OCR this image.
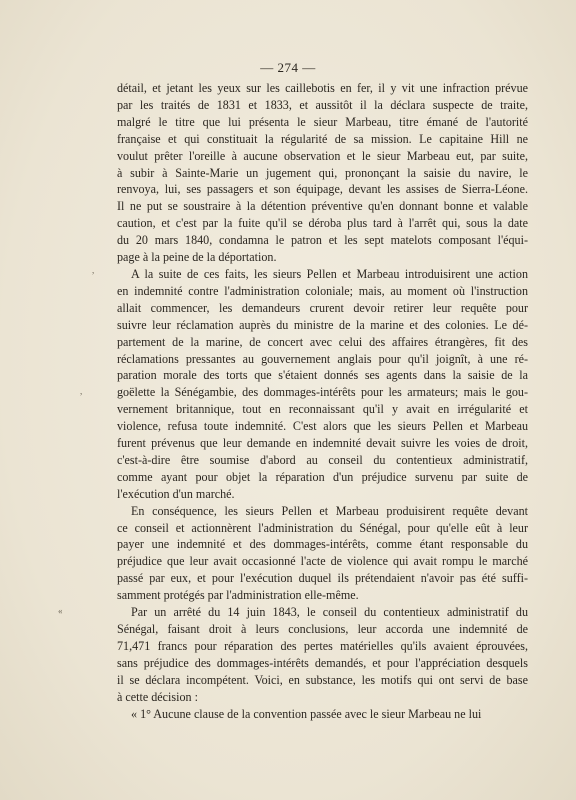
— 274 —
,
,
«

détail, et jetant les yeux sur les caillebotis en fer, il y vit une infraction prévue
par les traités de 1831 et 1833, et aussitôt il la déclara suspecte de traite,
malgré le titre que lui présenta le sieur Marbeau, titre émané de l'autorité
française et qui constituait la régularité de sa mission. Le capitaine Hill ne
voulut prêter l'oreille à aucune observation et le sieur Marbeau eut, par suite,
à subir à Sainte-Marie un jugement qui, prononçant la saisie du navire, le
renvoya, lui, ses passagers et son équipage, devant les assises de Sierra-Léone.
Il ne put se soustraire à la détention préventive qu'en donnant bonne et valable
caution, et c'est par la fuite qu'il se déroba plus tard à l'arrêt qui, sous la date
du 20 mars 1840, condamna le patron et les sept matelots composant l'équi-
page à la peine de la déportation.

A la suite de ces faits, les sieurs Pellen et Marbeau introduisirent une action
en indemnité contre l'administration coloniale; mais, au moment où l'instruction
allait commencer, les demandeurs crurent devoir retirer leur requête pour
suivre leur réclamation auprès du ministre de la marine et des colonies. Le dé-
partement de la marine, de concert avec celui des affaires étrangères, fit des
réclamations pressantes au gouvernement anglais pour qu'il joignît, à une ré-
paration morale des torts que s'étaient donnés ses agents dans la saisie de la
goëlette la Sénégambie, des dommages-intérêts pour les armateurs; mais le gou-
vernement britannique, tout en reconnaissant qu'il y avait en irrégularité et
violence, refusa toute indemnité. C'est alors que les sieurs Pellen et Marbeau
furent prévenus que leur demande en indemnité devait suivre les voies de droit,
c'est-à-dire être soumise d'abord au conseil du contentieux administratif,
comme ayant pour objet la réparation d'un préjudice survenu par suite de
l'exécution d'un marché.

En conséquence, les sieurs Pellen et Marbeau produisirent requête devant
ce conseil et actionnèrent l'administration du Sénégal, pour qu'elle eût à leur
payer une indemnité et des dommages-intérêts, comme étant responsable du
préjudice que leur avait occasionné l'acte de violence qui avait rompu le marché
passé par eux, et pour l'exécution duquel ils prétendaient n'avoir pas été suffi-
samment protégés par l'administration elle-même.

Par un arrêté du 14 juin 1843, le conseil du contentieux administratif du
Sénégal, faisant droit à leurs conclusions, leur accorda une indemnité de
71,471 francs pour réparation des pertes matérielles qu'ils avaient éprouvées,
sans préjudice des dommages-intérêts demandés, et pour l'appréciation desquels
il se déclara incompétent. Voici, en substance, les motifs qui ont servi de base
à cette décision :

« 1° Aucune clause de la convention passée avec le sieur Marbeau ne lui
